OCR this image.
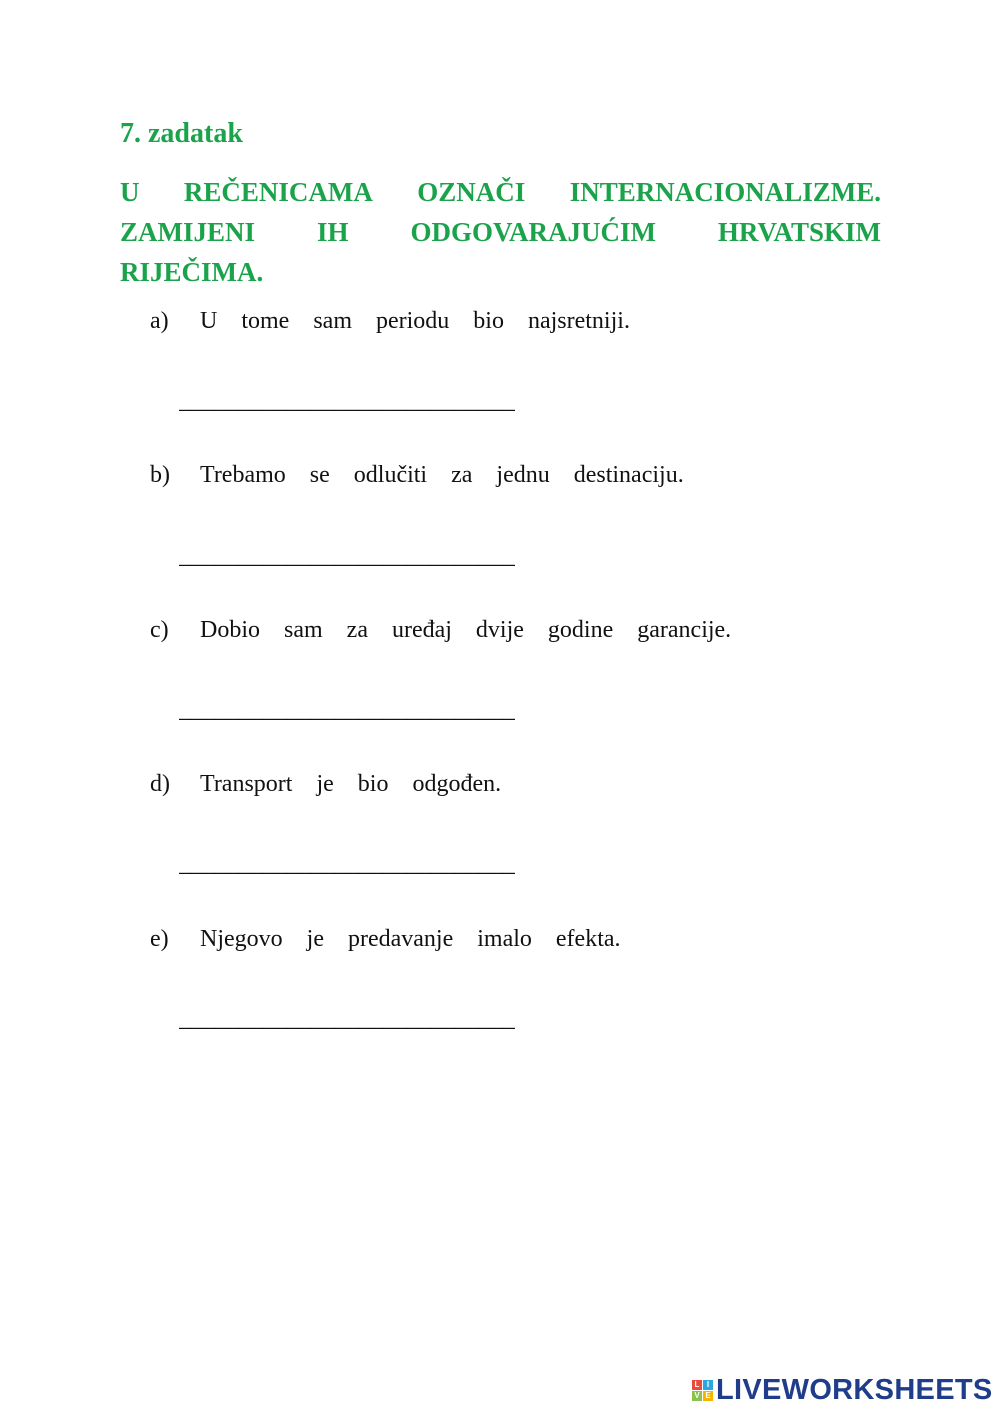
7. zadatak
U REČENICAMA OZNAČI INTERNACIONALIZME.
ZAMIJENI IH ODGOVARAJUĆIM HRVATSKIM
RIJEČIMA.
a) U tome sam periodu bio najsretniji.
____________________________
b) Trebamo se odlučiti za jednu destinaciju.
____________________________
c) Dobio sam za uređaj dvije godine garancije.
____________________________
d) Transport je bio odgođen.
____________________________
e) Njegovo je predavanje imalo efekta.
____________________________
L I
V E LIVEWORKSHEETS
